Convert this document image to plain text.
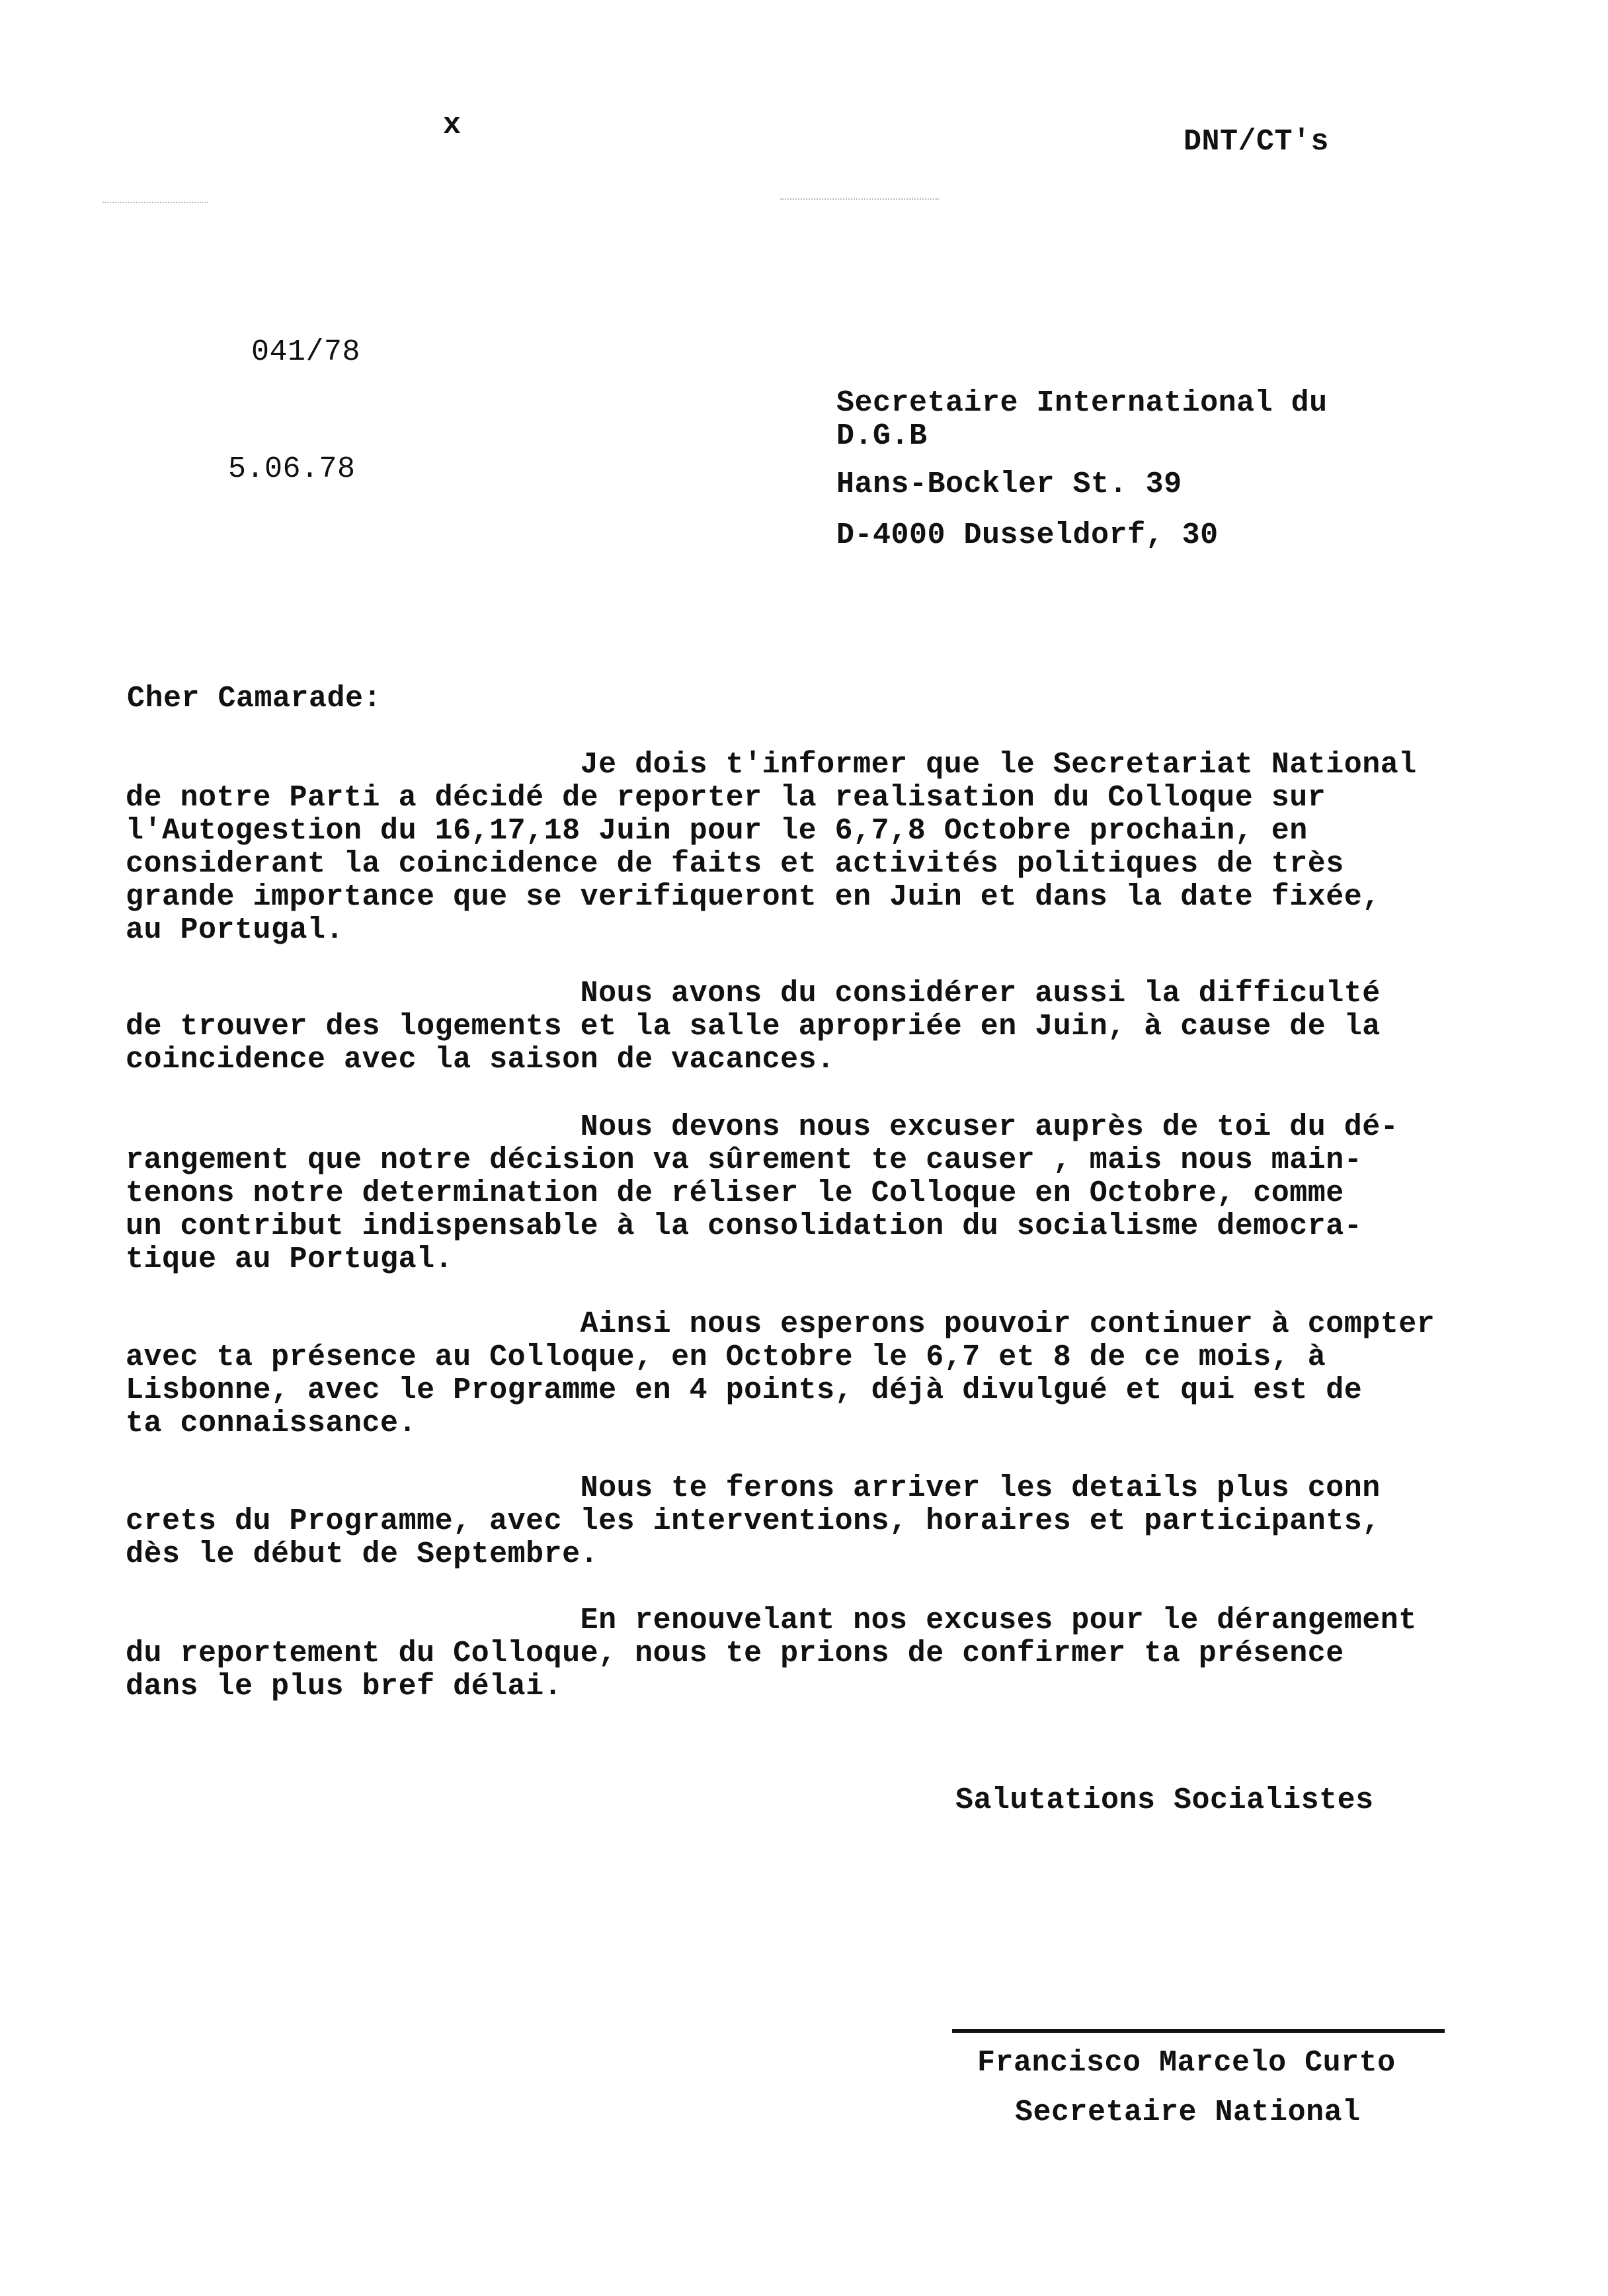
x	DNT/CT's
041/78
5.06.78
Secretaire International du
D.G.B
Hans-Bockler St. 39
D-4000 Dusseldorf, 30
Cher Camarade:
Je dois t'informer que le Secretariat National
de notre Parti a décidé de reporter la realisation du Colloque sur
l'Autogestion du 16,17,18 Juin pour le 6,7,8 Octobre prochain, en
considerant la coincidence de faits et activités politiques de très
grande importance que se verifiqueront en Juin et dans la date fixée,
au Portugal.
Nous avons du considérer aussi la difficulté
de trouver des logements et la salle apropriée en Juin, à cause de la
coincidence avec la saison de vacances.
Nous devons nous excuser auprès de toi du dé-
rangement que notre décision va sûrement te causer , mais nous main-
tenons notre determination de réliser le Colloque en Octobre, comme
un contribut indispensable à la consolidation du socialisme democra-
tique au Portugal.
Ainsi nous esperons pouvoir continuer à compter
avec ta présence au Colloque, en Octobre le 6,7 et 8 de ce mois, à
Lisbonne, avec le Programme en 4 points, déjà divulgué et qui est de
ta connaissance.
Nous te ferons arriver les details plus conn
crets du Programme, avec les interventions, horaires et participants,
dès le début de Septembre.
En renouvelant nos excuses pour le dérangement
du reportement du Colloque, nous te prions de confirmer ta présence
dans le plus bref délai.
Salutations Socialistes
Francisco Marcelo Curto
Secretaire National
